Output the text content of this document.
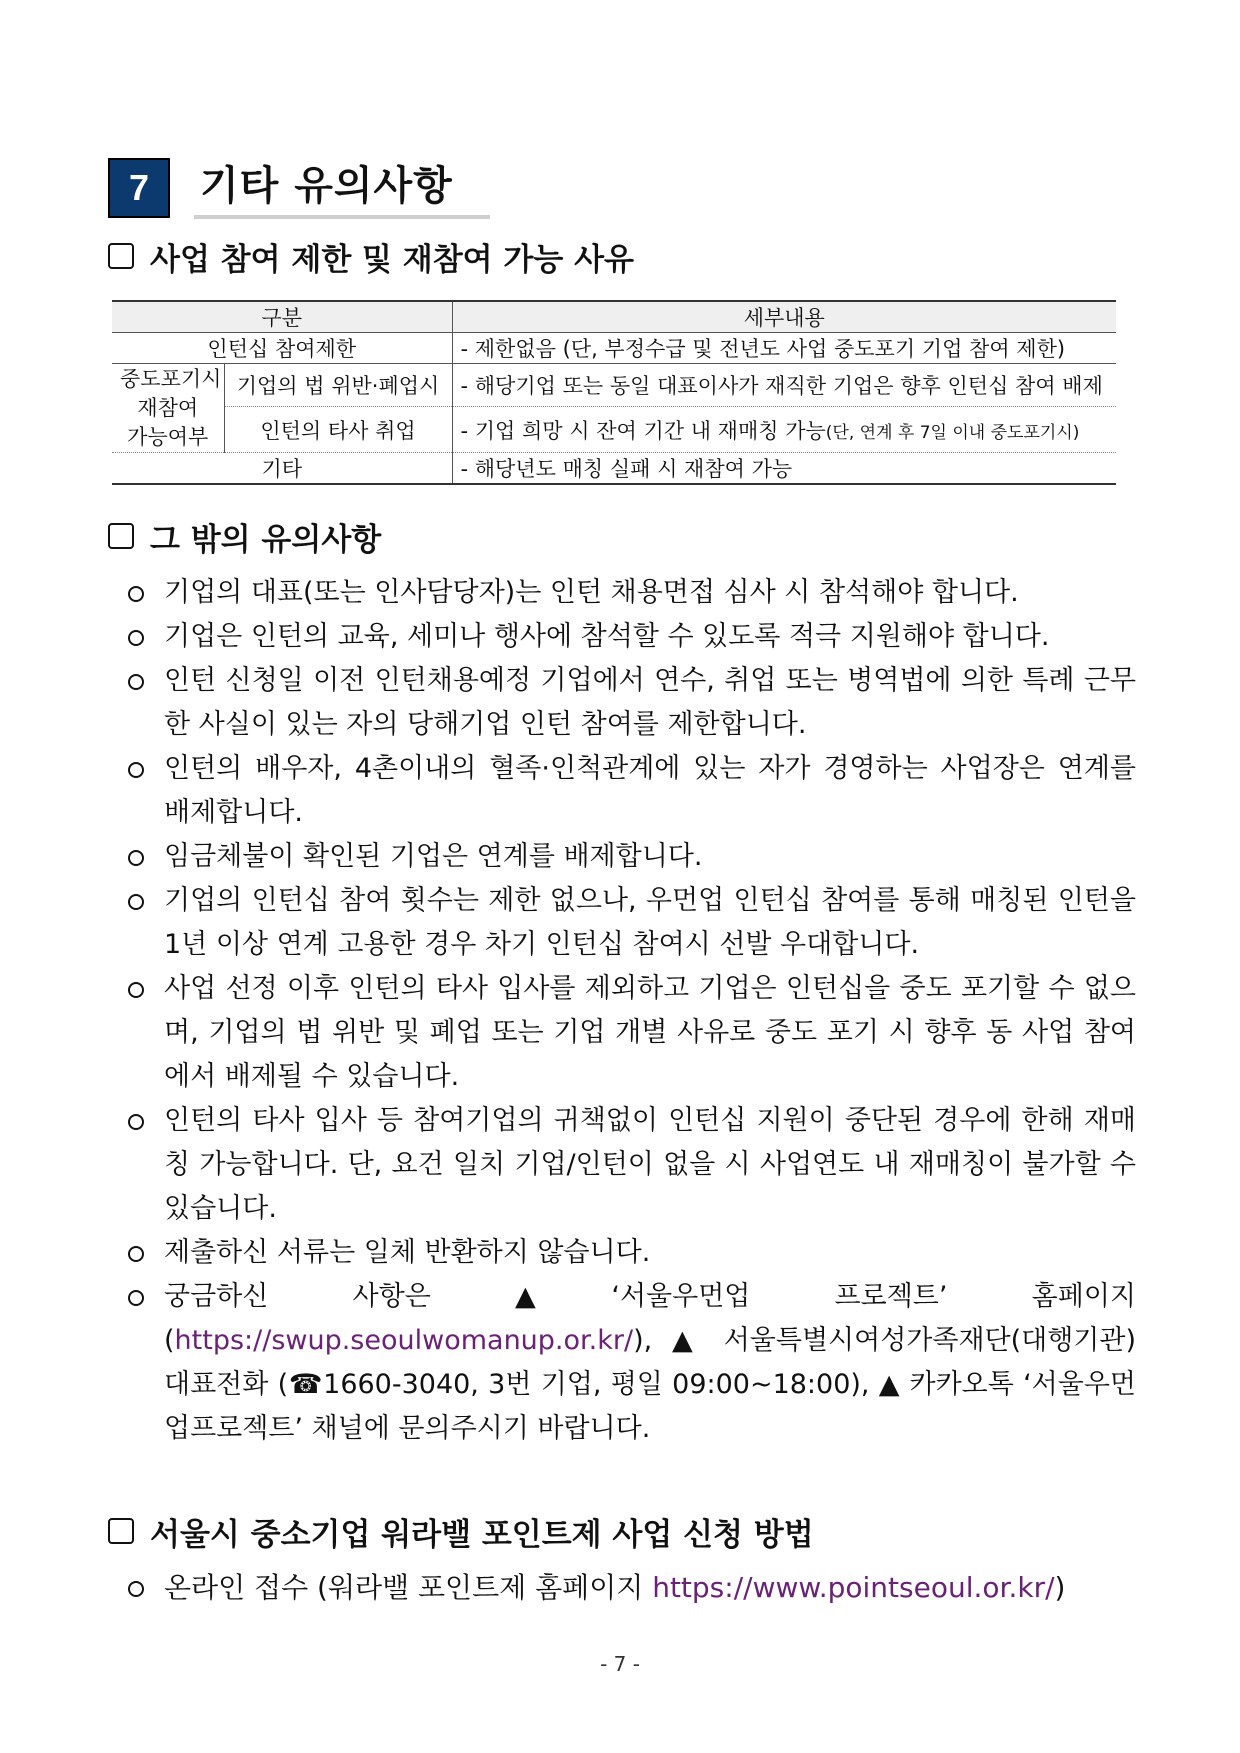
7	기타 유의사항
사업 참여 제한 및 재참여 가능 사유
구분		세부내용
인턴십 참여제한		- 제한없음 (단, 부정수급 및 전년도 사업 중도포기 기업 참여 제한)

중도포기시
재참여
가능여부	기업의 법 위반·폐업시	- 해당기업 또는 동일 대표이사가 재직한 기업은 향후 인턴십 참여 배제
	인턴의 타사 취업	- 기업 희망 시 잔여 기간 내 재매칭 가능(단, 연계 후 7일 이내 중도포기시)
기타		- 해당년도 매칭 실패 시 재참여 가능
그 밖의 유의사항
기업의 대표(또는 인사담당자)는 인턴 채용면접 심사 시 참석해야 합니다.
기업은 인턴의 교육, 세미나 행사에 참석할 수 있도록 적극 지원해야 합니다.
인턴 신청일 이전 인턴채용예정 기업에서 연수, 취업 또는 병역법에 의한 특례 근무한 사실이 있는 자의 당해기업 인턴 참여를 제한합니다.
인턴의 배우자, 4촌이내의 혈족·인척관계에 있는 자가 경영하는 사업장은 연계를 배제합니다.
임금체불이 확인된 기업은 연계를 배제합니다.
기업의 인턴십 참여 횟수는 제한 없으나, 우먼업 인턴십 참여를 통해 매칭된 인턴을 1년 이상 연계 고용한 경우 차기 인턴십 참여시 선발 우대합니다.
사업 선정 이후 인턴의 타사 입사를 제외하고 기업은 인턴십을 중도 포기할 수 없으며, 기업의 법 위반 및 폐업 또는 기업 개별 사유로 중도 포기 시 향후 동 사업 참여에서 배제될 수 있습니다.
인턴의 타사 입사 등 참여기업의 귀책없이 인턴십 지원이 중단된 경우에 한해 재매칭 가능합니다. 단, 요건 일치 기업/인턴이 없을 시 사업연도 내 재매칭이 불가할 수 있습니다.
제출하신 서류는 일체 반환하지 않습니다.
궁금하신 사항은 ▲‘서울우먼업 프로젝트’ 홈페이지(https://swup.seoulwomanup.or.kr/), ▲ 서울특별시여성가족재단(대행기관) 대표전화 (☎1660-3040, 3번 기업, 평일 09:00~18:00), ▲ 카카오톡 ‘서울우먼업프로젝트’ 채널에 문의주시기 바랍니다.
서울시 중소기업 워라밸 포인트제 사업 신청 방법
온라인 접수 (워라밸 포인트제 홈페이지 https://www.pointseoul.or.kr/)
- 7 -
